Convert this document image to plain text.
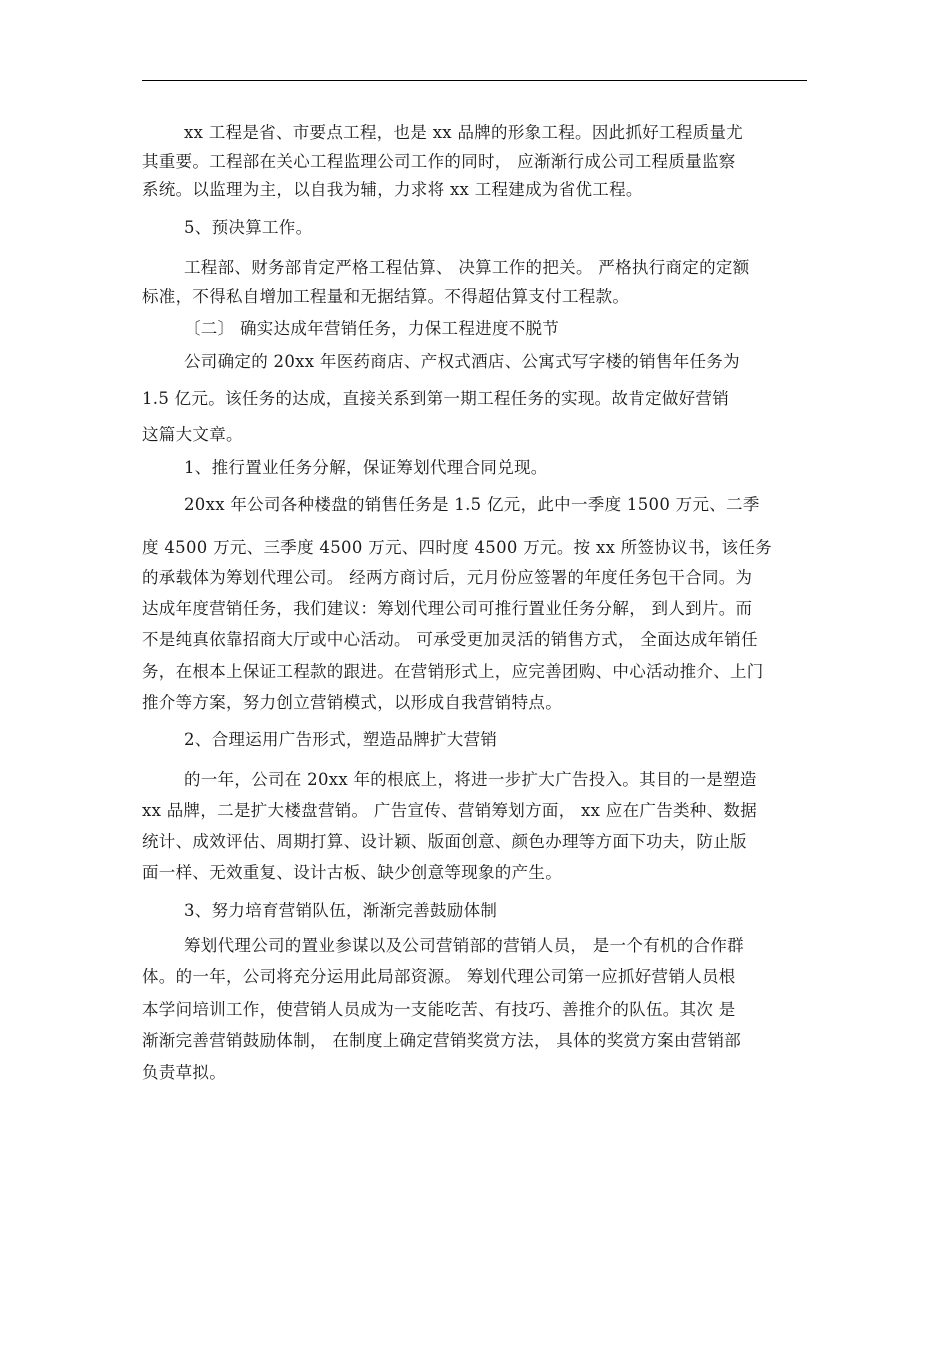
xx 工程是省、市要点工程，也是 xx 品牌的形象工程。因此抓好工程质量尤
其重要。工程部在关心工程监理公司工作的同时， 应渐渐行成公司工程质量监察
系统。以监理为主，以自我为辅，力求将 xx 工程建成为省优工程。
5、预决算工作。
工程部、财务部肯定严格工程估算、 决算工作的把关。 严格执行商定的定额
标准，不得私自增加工程量和无据结算。不得超估算支付工程款。
〔二〕 确实达成年营销任务，力保工程进度不脱节
公司确定的 20xx 年医药商店、产权式酒店、公寓式写字楼的销售年任务为
1.5 亿元。该任务的达成，直接关系到第一期工程任务的实现。故肯定做好营销
这篇大文章。
1、推行置业任务分解，保证筹划代理合同兑现。
20xx 年公司各种楼盘的销售任务是 1.5 亿元，此中一季度 1500 万元、二季
度 4500 万元、三季度 4500 万元、四时度 4500 万元。按 xx 所签协议书，该任务
的承载体为筹划代理公司。 经两方商讨后，元月份应签署的年度任务包干合同。为
达成年度营销任务，我们建议：筹划代理公司可推行置业任务分解， 到人到片。而
不是纯真依靠招商大厅或中心活动。 可承受更加灵活的销售方式， 全面达成年销任
务，在根本上保证工程款的跟进。在营销形式上，应完善团购、中心活动推介、上门
推介等方案，努力创立营销模式，以形成自我营销特点。
2、合理运用广告形式，塑造品牌扩大营销
的一年，公司在 20xx 年的根底上，将进一步扩大广告投入。其目的一是塑造
xx 品牌，二是扩大楼盘营销。 广告宣传、营销筹划方面， xx 应在广告类种、数据
统计、成效评估、周期打算、设计颖、版面创意、颜色办理等方面下功夫，防止版
面一样、无效重复、设计古板、缺少创意等现象的产生。
3、努力培育营销队伍，渐渐完善鼓励体制
筹划代理公司的置业参谋以及公司营销部的营销人员， 是一个有机的合作群
体。的一年，公司将充分运用此局部资源。 筹划代理公司第一应抓好营销人员根
本学问培训工作，使营销人员成为一支能吃苦、有技巧、善推介的队伍。其次 是
渐渐完善营销鼓励体制， 在制度上确定营销奖赏方法， 具体的奖赏方案由营销部
负责草拟。
